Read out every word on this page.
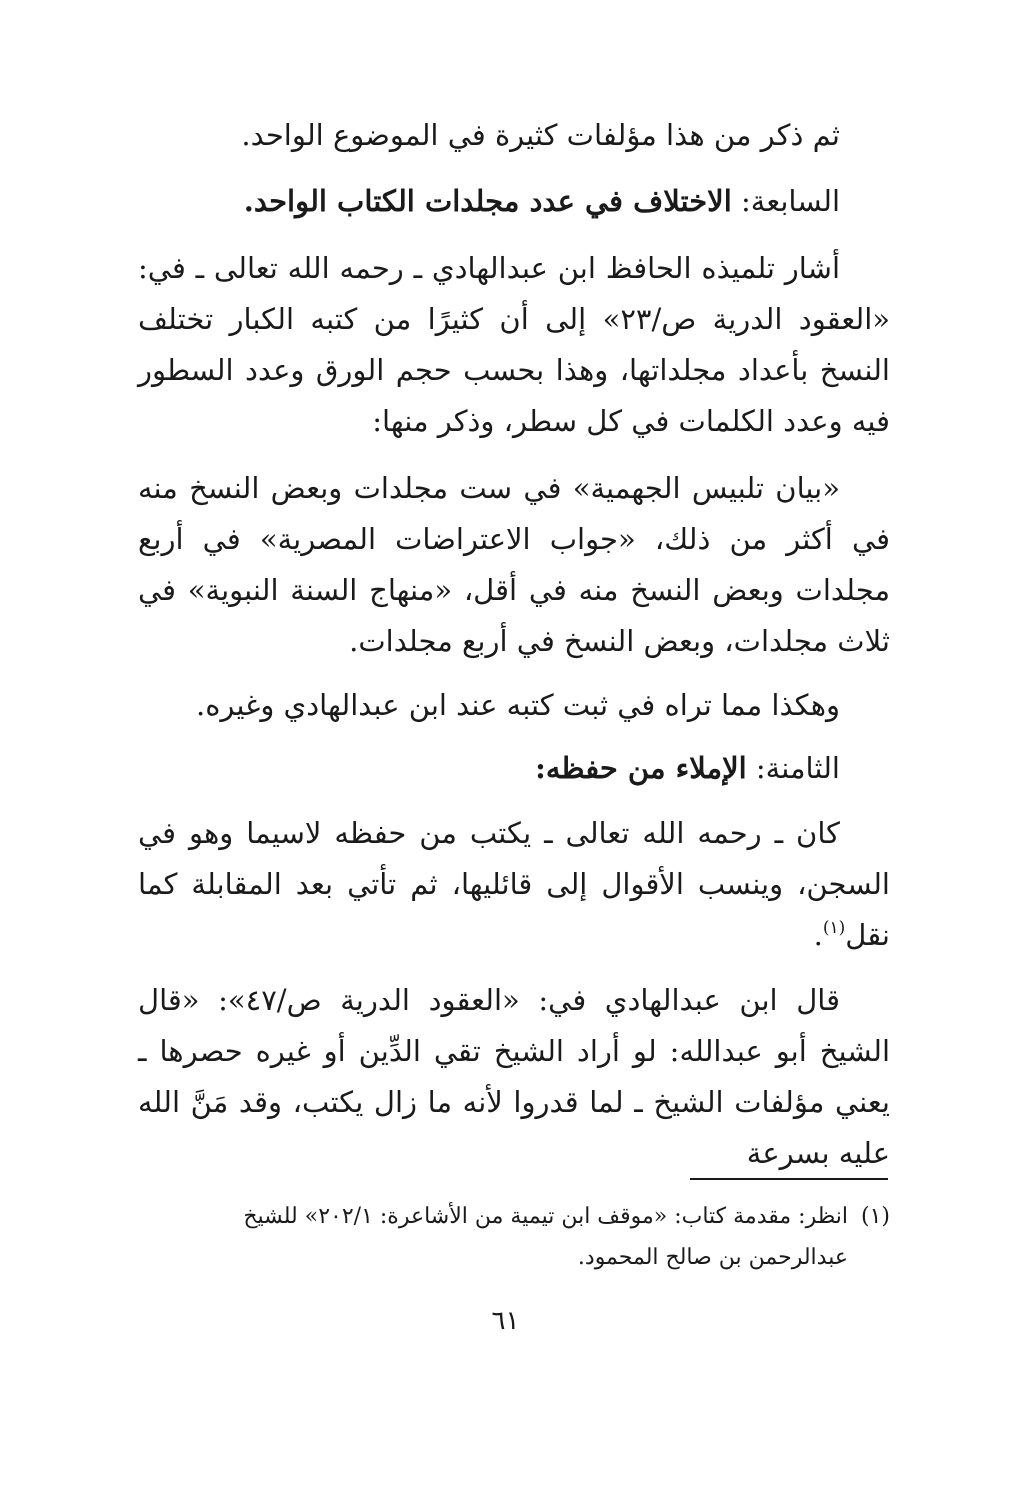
ثم ذكر من هذا مؤلفات كثيرة في الموضوع الواحد.

السابعة: الاختلاف في عدد مجلدات الكتاب الواحد.

أشار تلميذه الحافظ ابن عبدالهادي ـ رحمه الله تعالى ـ في: «العقود الدرية ص/٢٣» إلى أن كثيرًا من كتبه الكبار تختلف النسخ بأعداد مجلداتها، وهذا بحسب حجم الورق وعدد السطور فيه وعدد الكلمات في كل سطر، وذكر منها:

«بيان تلبيس الجهمية» في ست مجلدات وبعض النسخ منه في أكثر من ذلك، «جواب الاعتراضات المصرية» في أربع مجلدات وبعض النسخ منه في أقل، «منهاج السنة النبوية» في ثلاث مجلدات، وبعض النسخ في أربع مجلدات.

وهكذا مما تراه في ثبت كتبه عند ابن عبدالهادي وغيره.

الثامنة: الإملاء من حفظه:

كان ـ رحمه الله تعالى ـ يكتب من حفظه لاسيما وهو في السجن، وينسب الأقوال إلى قائليها، ثم تأتي بعد المقابلة كما نقل$^{(١)}$.

قال ابن عبدالهادي في: «العقود الدرية ص/٤٧»: «قال الشيخ أبو عبدالله: لو أراد الشيخ تقي الدِّين أو غيره حصرها ـ يعني مؤلفات الشيخ ـ لما قدروا لأنه ما زال يكتب، وقد مَنَّ الله عليه بسرعة

(١)انظر: مقدمة كتاب: «موقف ابن تيمية من الأشاعرة: ٢٠٢/١» للشيخ
عبدالرحمن بن صالح المحمود.
٦١
